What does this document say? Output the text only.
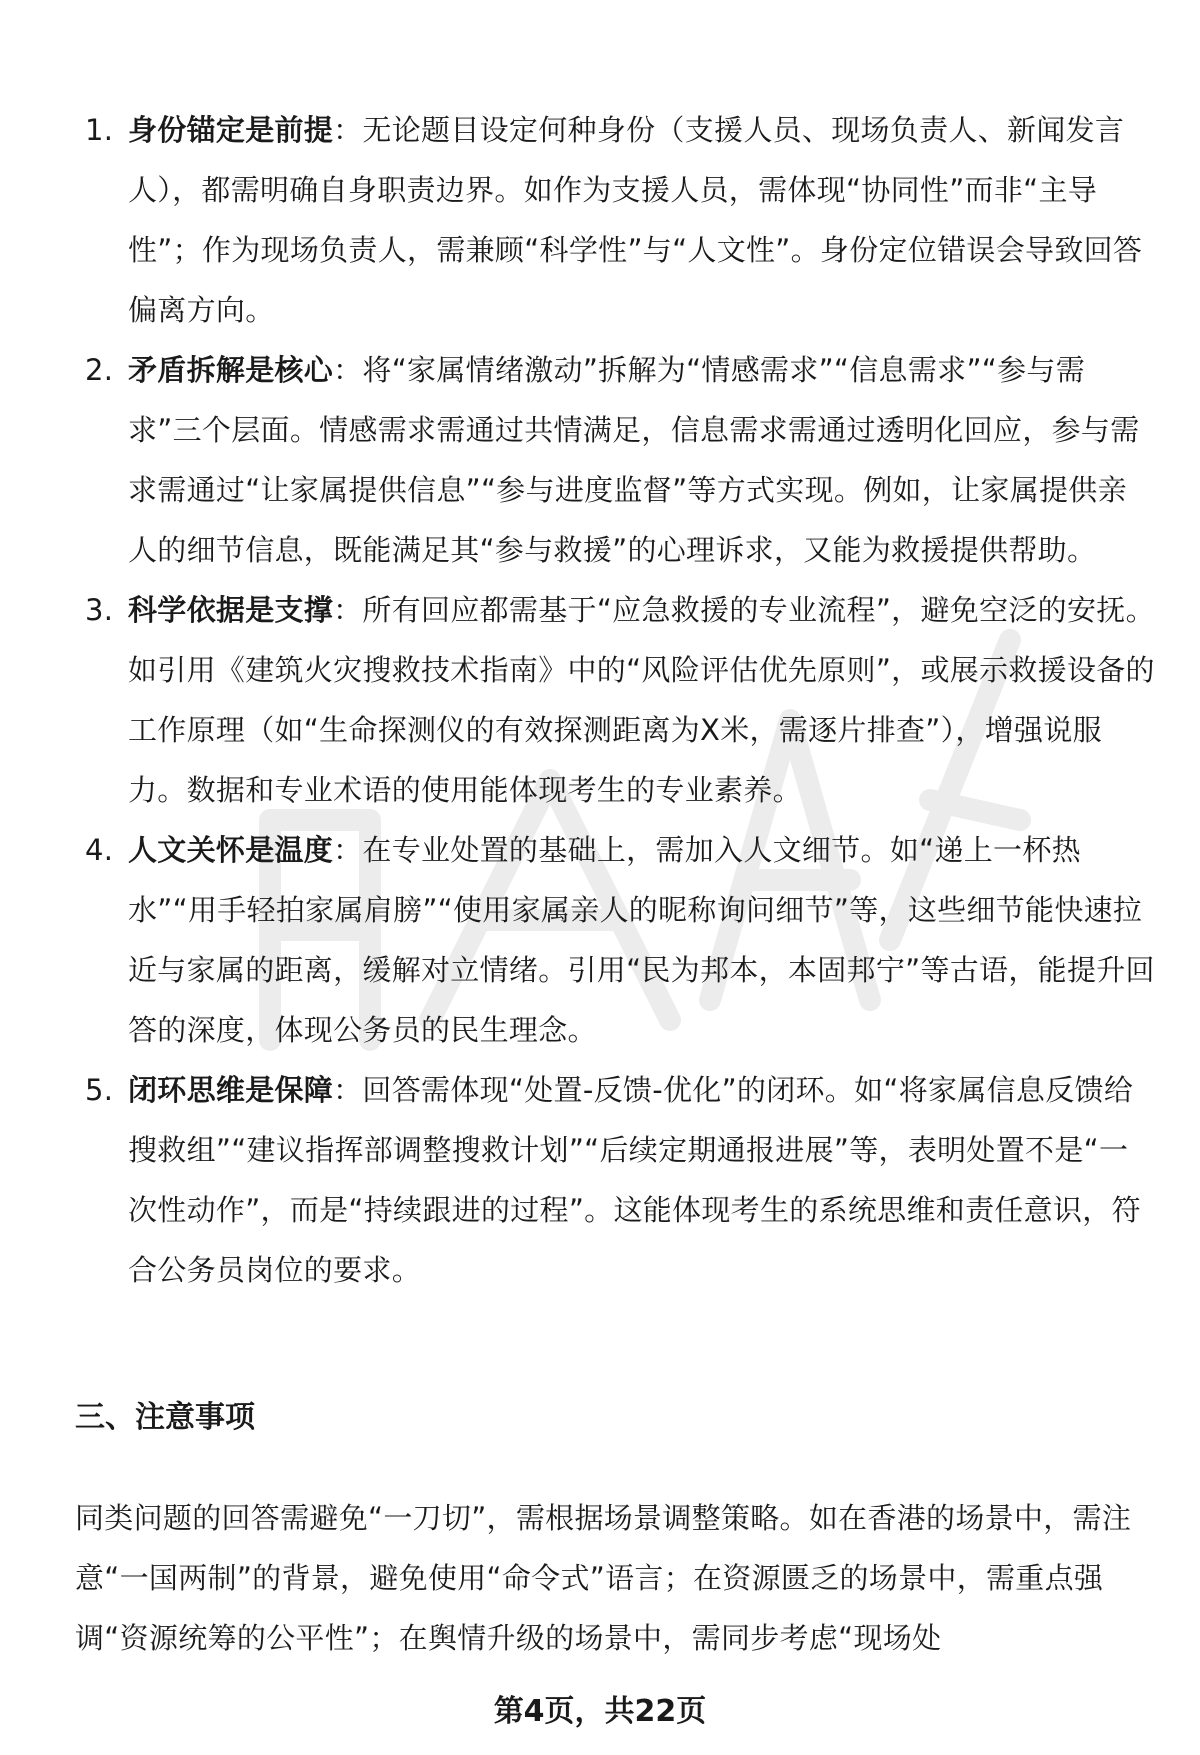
1. 身份锚定是前提：无论题目设定何种身份（支援人员、现场负责人、新闻发言人），都需明确自身职责边界。如作为支援人员，需体现“协同性”而非“主导性”；作为现场负责人，需兼顾“科学性”与“人文性”。身份定位错误会导致回答偏离方向。
2. 矛盾拆解是核心：将“家属情绪激动”拆解为“情感需求”“信息需求”“参与需求”三个层面。情感需求需通过共情满足，信息需求需通过透明化回应，参与需求需通过“让家属提供信息”“参与进度监督”等方式实现。例如，让家属提供亲人的细节信息，既能满足其“参与救援”的心理诉求，又能为救援提供帮助。
3. 科学依据是支撑：所有回应都需基于“应急救援的专业流程”，避免空泛的安抚。如引用《建筑火灾搜救技术指南》中的“风险评估优先原则”，或展示救援设备的工作原理（如“生命探测仪的有效探测距离为X米，需逐片排查”），增强说服力。数据和专业术语的使用能体现考生的专业素养。
4. 人文关怀是温度：在专业处置的基础上，需加入人文细节。如“递上一杯热水”“用手轻拍家属肩膀”“使用家属亲人的昵称询问细节”等，这些细节能快速拉近与家属的距离，缓解对立情绪。引用“民为邦本，本固邦宁”等古语，能提升回答的深度，体现公务员的民生理念。
5. 闭环思维是保障：回答需体现“处置-反馈-优化”的闭环。如“将家属信息反馈给搜救组”“建议指挥部调整搜救计划”“后续定期通报进展”等，表明处置不是“一次性动作”，而是“持续跟进的过程”。这能体现考生的系统思维和责任意识，符合公务员岗位的要求。
三、注意事项

同类问题的回答需避免“一刀切”，需根据场景调整策略。如在香港的场景中，需注意“一国两制”的背景，避免使用“命令式”语言；在资源匮乏的场景中，需重点强调“资源统筹的公平性”；在舆情升级的场景中，需同步考虑“现场处

第4页，共22页
